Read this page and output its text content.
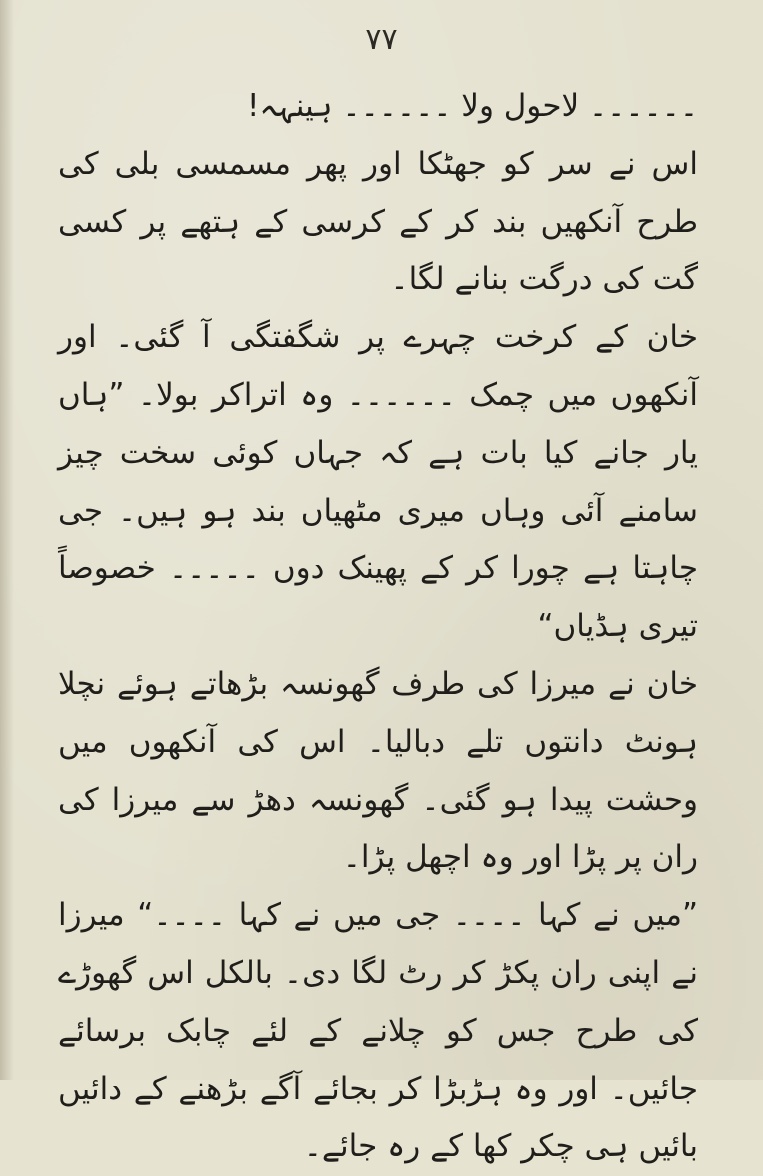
۷۷

۔۔۔۔۔۔ لاحول ولا ۔۔۔۔۔۔ ہینہہ!

اس نے سر کو جھٹکا اور پھر مسمسی بلی کی طرح آنکھیں بند کر کے کرسی کے ہتھے پر کسی گت کی درگت بنانے لگا۔

خان کے کرخت چہرے پر شگفتگی آ گئی۔ اور آنکھوں میں چمک ۔۔۔۔۔۔ وہ اتراکر بولا۔ ”ہاں یار جانے کیا بات ہے کہ جہاں کوئی سخت چیز سامنے آئی وہاں میری مٹھیاں بند ہو ہیں۔ جی چاہتا ہے چورا کر کے پھینک دوں ۔۔۔۔۔ خصوصاً تیری ہڈیاں“

خان نے میرزا کی طرف گھونسہ بڑھاتے ہوئے نچلا ہونٹ دانتوں تلے دبالیا۔ اس کی آنکھوں میں وحشت پیدا ہو گئی۔ گھونسہ دھڑ سے میرزا کی ران پر پڑا اور وہ اچھل پڑا۔

”میں نے کہا ۔۔۔۔ جی میں نے کہا ۔۔۔۔“ میرزا نے اپنی ران پکڑ کر رٹ لگا دی۔ بالکل اس گھوڑے کی طرح جس کو چلانے کے لئے چابک برسائے جائیں۔ اور وہ ہڑبڑا کر بجائے آگے بڑھنے کے دائیں بائیں ہی چکر کھا کے رہ جائے۔
